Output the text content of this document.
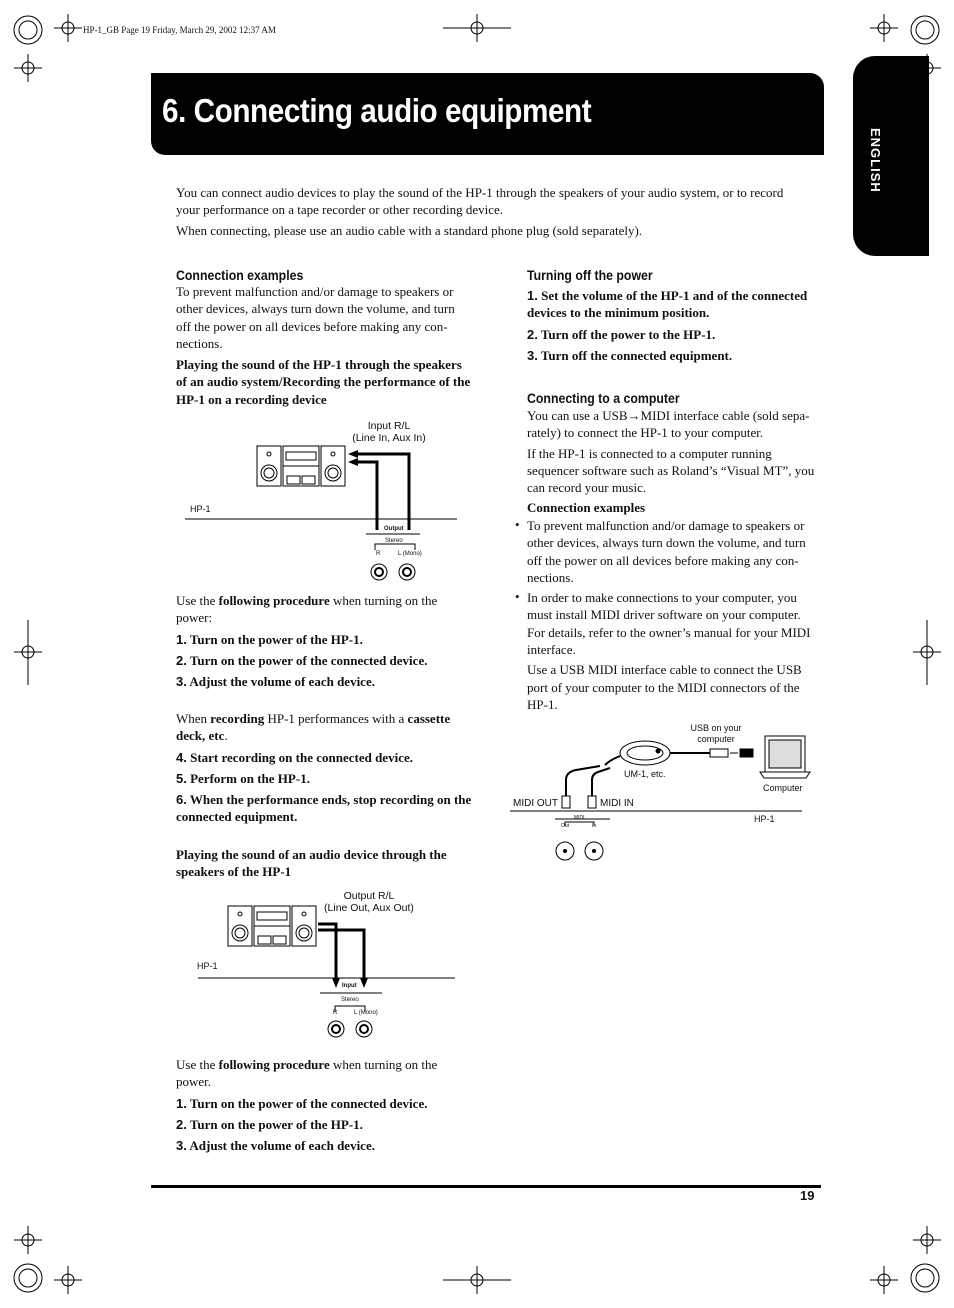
HP-1_GB Page 19 Friday, March 29, 2002 12:37 AM
6. Connecting audio equipment
ENGLISH

You can connect audio devices to play the sound of the HP-1 through the speakers of your audio system, or to record

your performance on a tape recorder or other recording device.

When connecting, please use an audio cable with a standard phone plug (sold separately).

Connection examples

To prevent malfunction and/or damage to speakers or

other devices, always turn down the volume, and turn

off the power on all devices before making any con-

nections.

Playing the sound of the HP-1 through the speakers

of an audio system/Recording the performance of the

HP-1 on a recording device

Input R/L
(Line In, Aux In)
HP-1
Output
Stereo
R	L (Mono)

Use the following procedure when turning on the

power:

1. Turn on the power of the HP-1.
2. Turn on the power of the connected device.
3. Adjust the volume of each device.

When recording HP-1 performances with a cassette

deck, etc.

4. Start recording on the connected device.
5. Perform on the HP-1.
6. When the performance ends, stop recording on the
connected equipment.

Playing the sound of an audio device through the

speakers of the HP-1

Output R/L
(Line Out, Aux Out)
HP-1
Input
Stereo
R	L (Mono)

Use the following procedure when turning on the

power.

1. Turn on the power of the connected device.
2. Turn on the power of the HP-1.
3. Adjust the volume of each device.
Turning off the power
1. Set the volume of the HP-1 and of the connected
devices to the minimum position.
2. Turn off the power to the HP-1.
3. Turn off the connected equipment.
Connecting to a computer

You can use a USB→MIDI interface cable (sold sepa-

rately) to connect the HP-1 to your computer.

If the HP-1 is connected to a computer running

sequencer software such as Roland’s “Visual MT”, you

can record your music.

Connection examples

• To prevent malfunction and/or damage to speakers or

other devices, always turn down the volume, and turn

off the power on all devices before making any con-

nections.

• In order to make connections to your computer, you

must install MIDI driver software on your computer.

For details, refer to the owner’s manual for your MIDI

interface.

Use a USB MIDI interface cable to connect the USB

port of your computer to the MIDI connectors of the

HP-1.

USB on your
computer
UM-1, etc.
Computer
MIDI OUT	MIDI IN
HP-1
MIDI
Out	In
19
